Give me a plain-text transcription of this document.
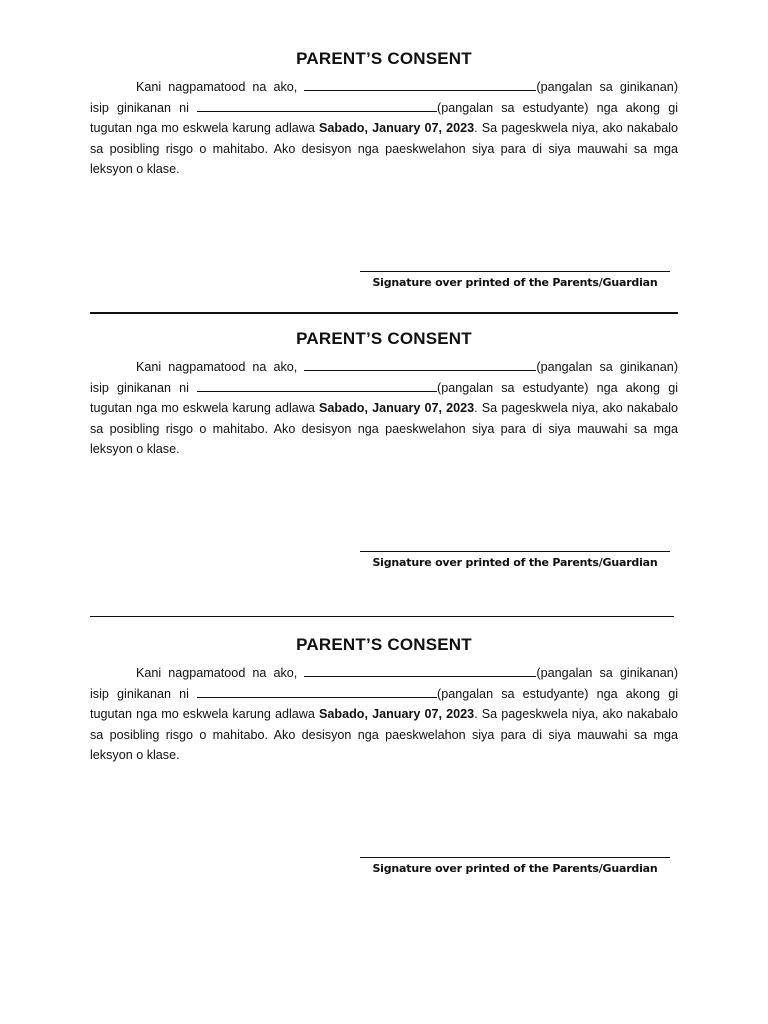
PARENT’S CONSENT

Kani nagpamatood na ako,	(pangalan sa ginikanan) isip ginikanan ni	(pangalan sa estudyante) nga akong gi tugutan nga mo eskwela karung adlawa Sabado, January 07, 2023. Sa pageskwela niya, ako nakabalo sa posibling risgo o mahitabo. Ako desisyon nga paeskwelahon siya para di siya mauwahi sa mga leksyon o klase.

Signature over printed of the Parents/Guardian
PARENT’S CONSENT

Kani nagpamatood na ako,	(pangalan sa ginikanan) isip ginikanan ni	(pangalan sa estudyante) nga akong gi tugutan nga mo eskwela karung adlawa Sabado, January 07, 2023. Sa pageskwela niya, ako nakabalo sa posibling risgo o mahitabo. Ako desisyon nga paeskwelahon siya para di siya mauwahi sa mga leksyon o klase.

Signature over printed of the Parents/Guardian
PARENT’S CONSENT

Kani nagpamatood na ako,	(pangalan sa ginikanan) isip ginikanan ni	(pangalan sa estudyante) nga akong gi tugutan nga mo eskwela karung adlawa Sabado, January 07, 2023. Sa pageskwela niya, ako nakabalo sa posibling risgo o mahitabo. Ako desisyon nga paeskwelahon siya para di siya mauwahi sa mga leksyon o klase.

Signature over printed of the Parents/Guardian
